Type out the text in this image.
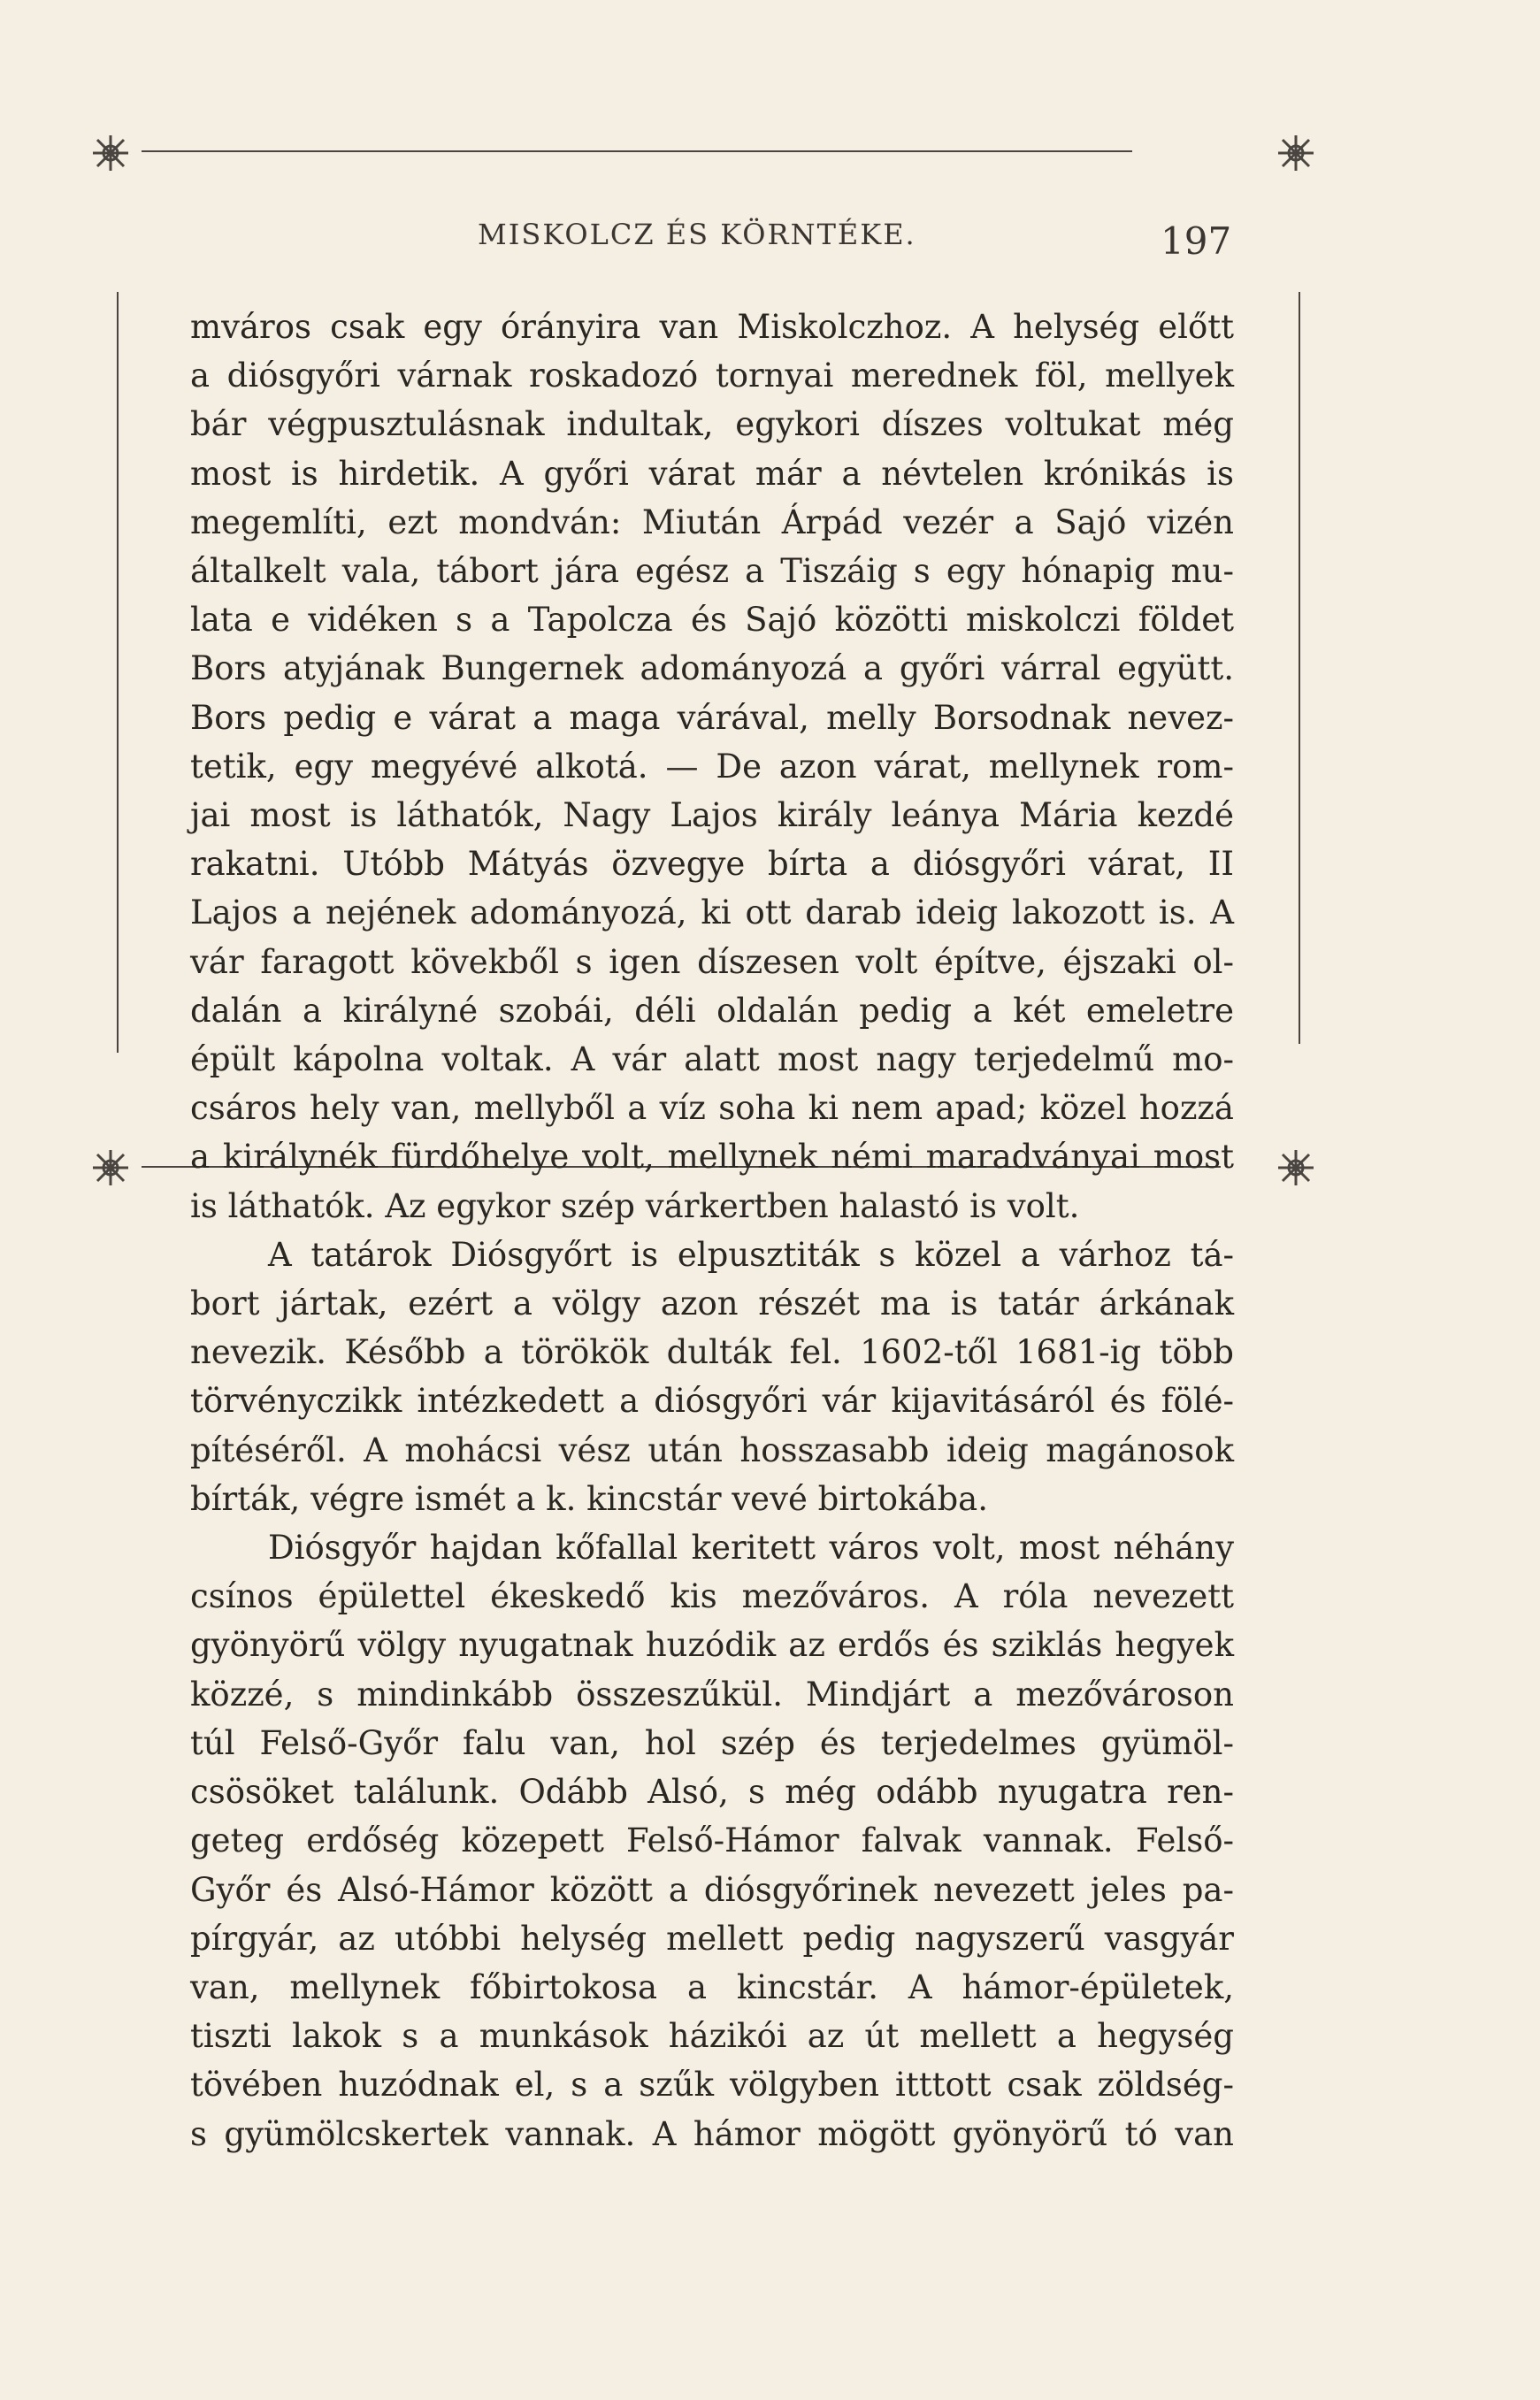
MISKOLCZ ÉS KÖRNTÉKE.	197
mváros csak egy órányira van Miskolczhoz. A helység előtt
a diósgyőri várnak roskadozó tornyai merednek föl, mellyek
bár végpusztulásnak indultak, egykori díszes voltukat még
most is hirdetik. A győri várat már a névtelen krónikás is
megemlíti, ezt mondván: Miután Árpád vezér a Sajó vizén
általkelt vala, tábort jára egész a Tiszáig s egy hónapig mu-
lata e vidéken s a Tapolcza és Sajó közötti miskolczi földet
Bors atyjának Bungernek adományozá a győri várral együtt.
Bors pedig e várat a maga várával, melly Borsodnak nevez-
tetik, egy megyévé alkotá. — De azon várat, mellynek rom-
jai most is láthatók, Nagy Lajos király leánya Mária kezdé
rakatni. Utóbb Mátyás özvegye bírta a diósgyőri várat, II
Lajos a nejének adományozá, ki ott darab ideig lakozott is. A
vár faragott kövekből s igen díszesen volt építve, éjszaki ol-
dalán a királyné szobái, déli oldalán pedig a két emeletre
épült kápolna voltak. A vár alatt most nagy terjedelmű mo-
csáros hely van, mellyből a víz soha ki nem apad; közel hozzá
a királynék fürdőhelye volt, mellynek némi maradványai most
is láthatók. Az egykor szép várkertben halastó is volt.
A tatárok Diósgyőrt is elpusztiták s közel a várhoz tá-
bort jártak, ezért a völgy azon részét ma is tatár árkának
nevezik. Később a törökök dulták fel. 1602-től 1681-ig több
törvényczikk intézkedett a diósgyőri vár kijavitásáról és fölé-
pítéséről. A mohácsi vész után hosszasabb ideig magánosok
bírták, végre ismét a k. kincstár vevé birtokába.
Diósgyőr hajdan kőfallal keritett város volt, most néhány
csínos épülettel ékeskedő kis mezőváros. A róla nevezett
gyönyörű völgy nyugatnak huzódik az erdős és sziklás hegyek
közzé, s mindinkább összeszűkül. Mindjárt a mezővároson
túl Felső-Győr falu van, hol szép és terjedelmes gyümöl-
csösöket találunk. Odább Alsó, s még odább nyugatra ren-
geteg erdőség közepett Felső-Hámor falvak vannak. Felső-
Győr és Alsó-Hámor között a diósgyőrinek nevezett jeles pa-
pírgyár, az utóbbi helység mellett pedig nagyszerű vasgyár
van, mellynek főbirtokosa a kincstár. A hámor-épületek,
tiszti lakok s a munkások házikói az út mellett a hegység
tövében huzódnak el, s a szűk völgyben itttott csak zöldség-
s gyümölcskertek vannak. A hámor mögött gyönyörű tó van
